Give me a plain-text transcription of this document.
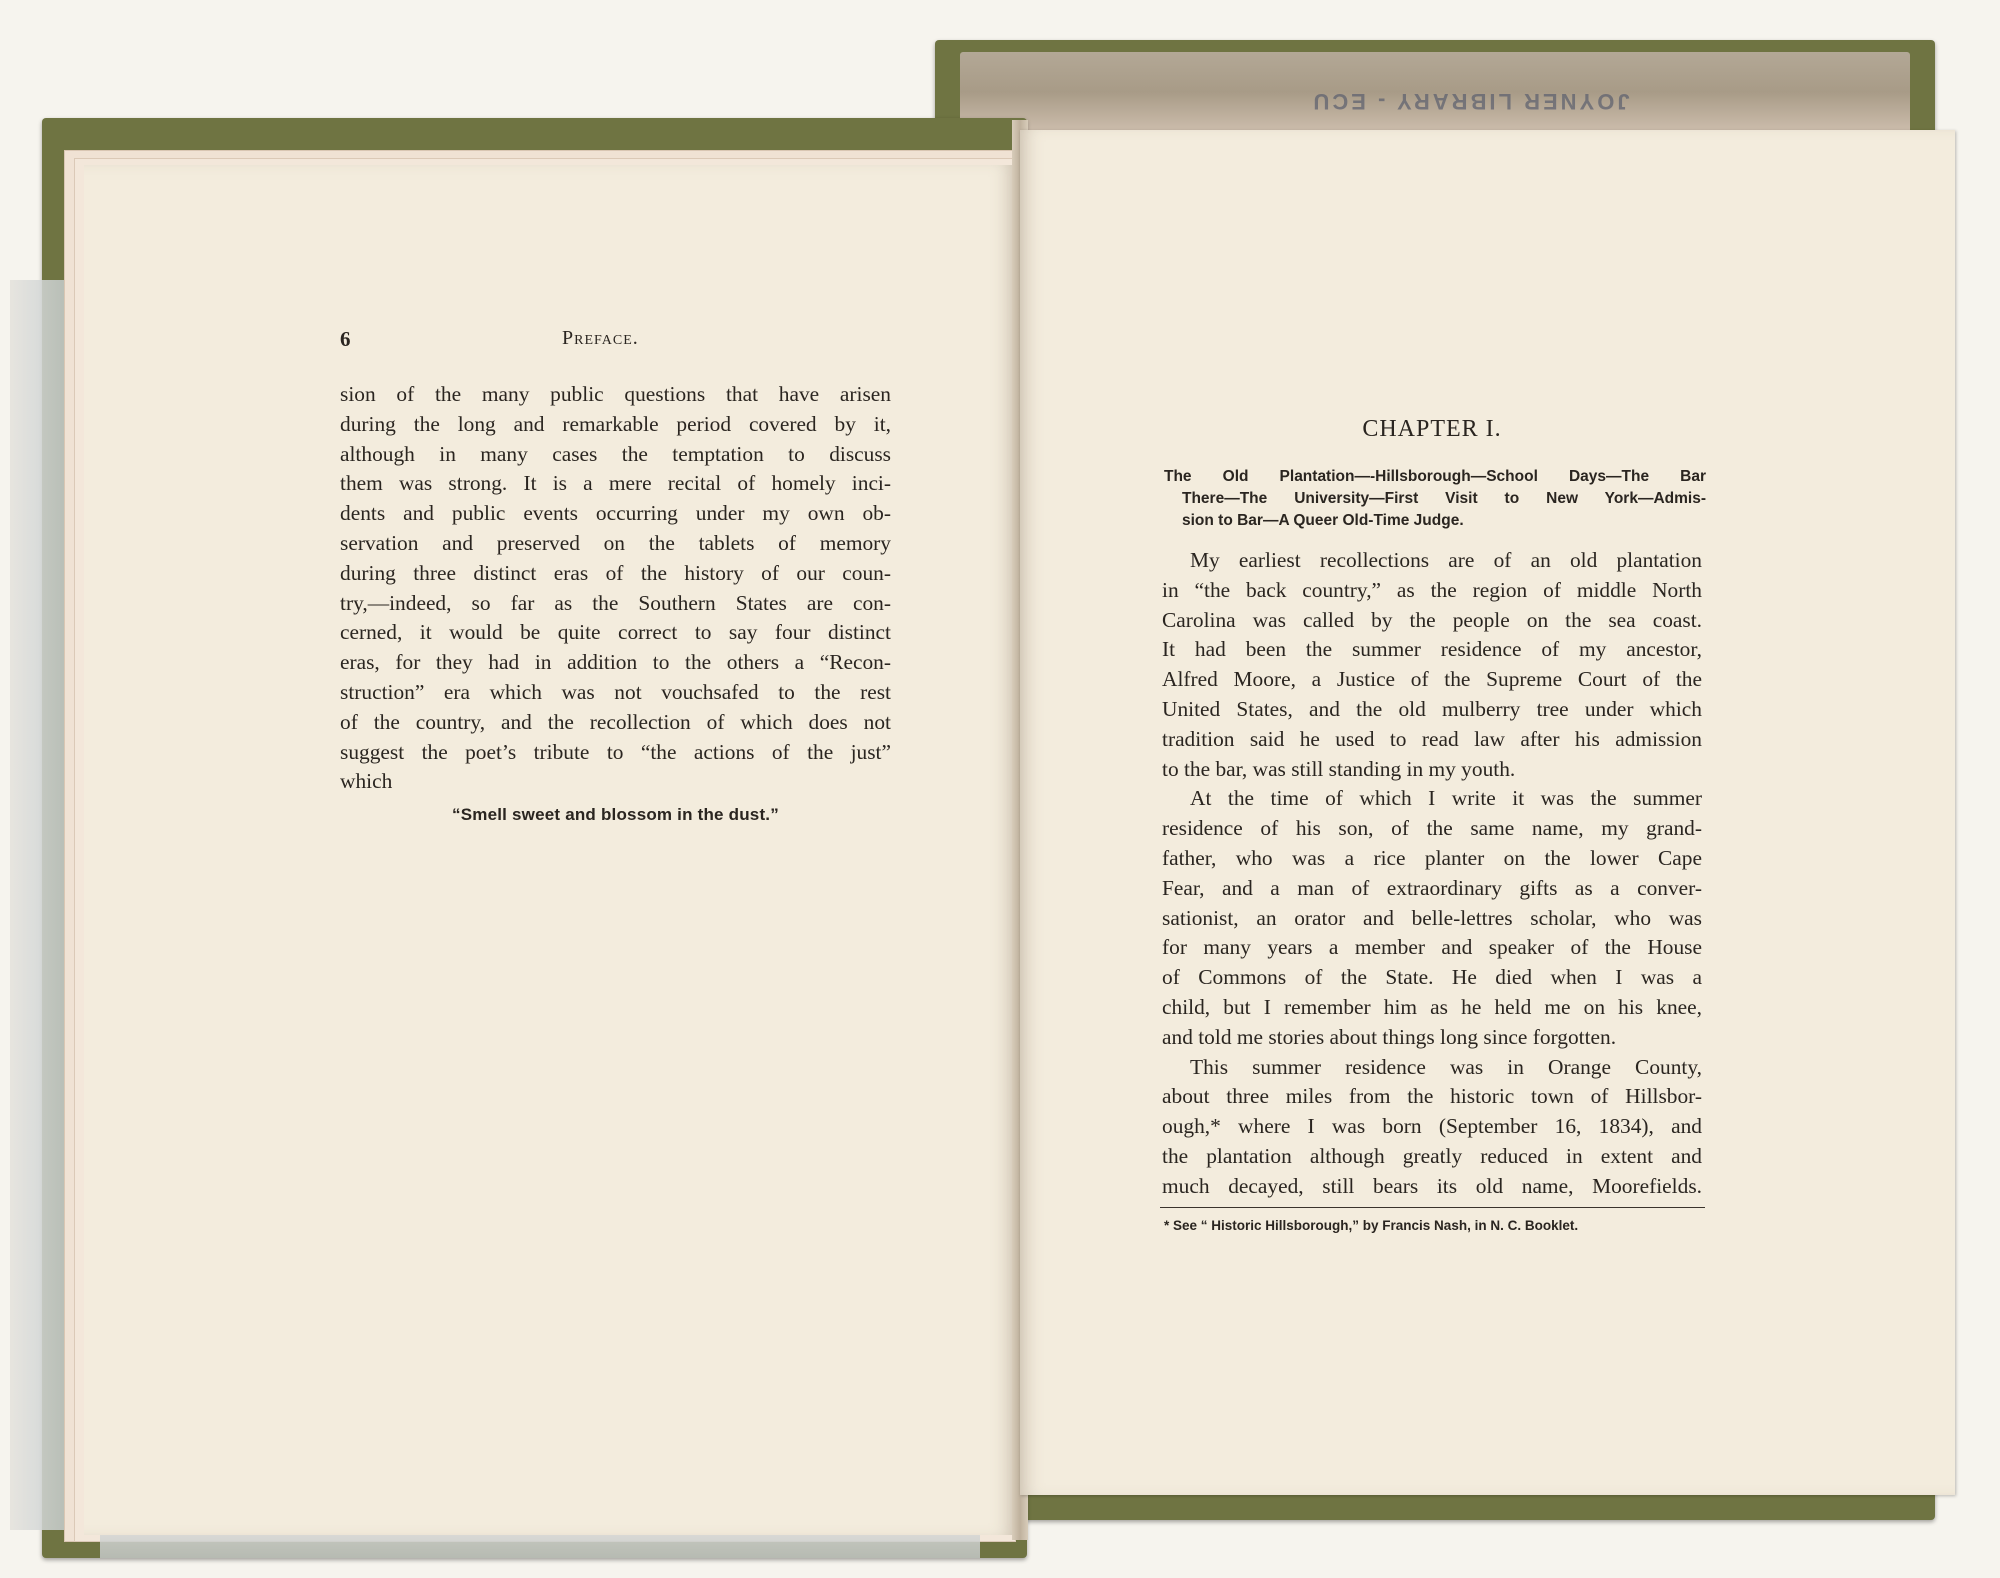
JOYNER LIBRARY - ECU
6	Preface.
sion of the many public questions that have arisen
during the long and remarkable period covered by it,
although in many cases the temptation to discuss
them was strong. It is a mere recital of homely inci-
dents and public events occurring under my own ob-
servation and preserved on the tablets of memory
during three distinct eras of the history of our coun-
try,—indeed, so far as the Southern States are con-
cerned, it would be quite correct to say four distinct
eras, for they had in addition to the others a “Recon-
struction” era which was not vouchsafed to the rest
of the country, and the recollection of which does not
suggest the poet’s tribute to “the actions of the just”
which
“Smell sweet and blossom in the dust.”
CHAPTER I.
The Old Plantation—-Hillsborough—School Days—The Bar
There—The University—First Visit to New York—Admis-
sion to Bar—A Queer Old-Time Judge.
My earliest recollections are of an old plantation
in “the back country,” as the region of middle North
Carolina was called by the people on the sea coast.
It had been the summer residence of my ancestor,
Alfred Moore, a Justice of the Supreme Court of the
United States, and the old mulberry tree under which
tradition said he used to read law after his admission
to the bar, was still standing in my youth.
At the time of which I write it was the summer
residence of his son, of the same name, my grand-
father, who was a rice planter on the lower Cape
Fear, and a man of extraordinary gifts as a conver-
sationist, an orator and belle-lettres scholar, who was
for many years a member and speaker of the House
of Commons of the State. He died when I was a
child, but I remember him as he held me on his knee,
and told me stories about things long since forgotten.
This summer residence was in Orange County,
about three miles from the historic town of Hillsbor-
ough,* where I was born (September 16, 1834), and
the plantation although greatly reduced in extent and
much decayed, still bears its old name, Moorefields.
* See “ Historic Hillsborough,” by Francis Nash, in N. C. Booklet.
